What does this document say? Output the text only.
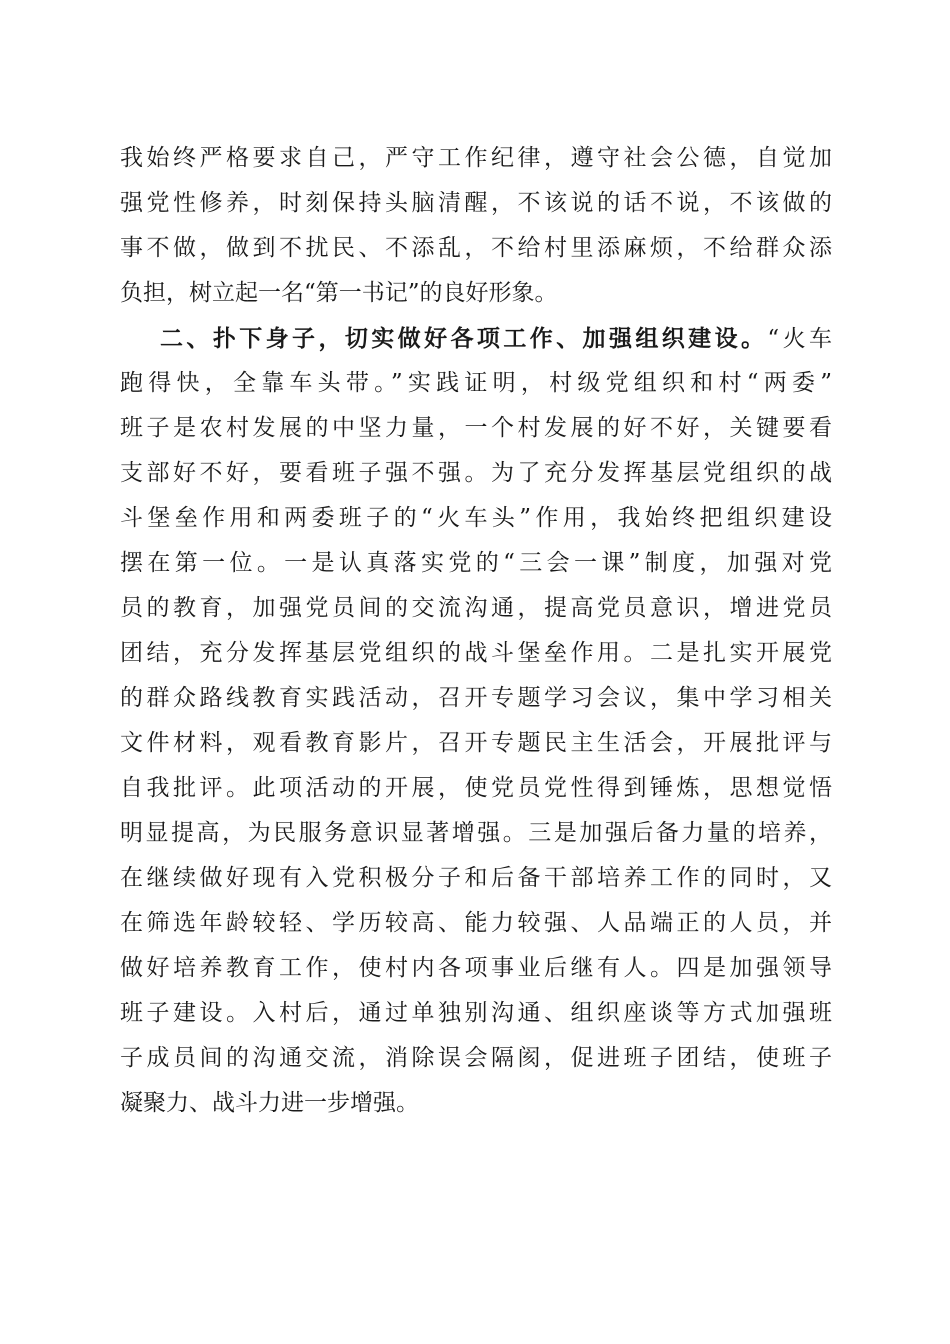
我始终严格要求自己，严守工作纪律，遵守社会公德，自觉加
强党性修养，时刻保持头脑清醒，不该说的话不说，不该做的
事不做，做到不扰民、不添乱，不给村里添麻烦，不给群众添
负担，树立起一名“第一书记”的良好形象。
二、扑下身子，切实做好各项工作、加强组织建设。“火车
跑得快，全靠车头带。”实践证明，村级党组织和村“两委”
班子是农村发展的中坚力量，一个村发展的好不好，关键要看
支部好不好，要看班子强不强。为了充分发挥基层党组织的战
斗堡垒作用和两委班子的“火车头”作用，我始终把组织建设
摆在第一位。一是认真落实党的“三会一课”制度，加强对党
员的教育，加强党员间的交流沟通，提高党员意识，增进党员
团结，充分发挥基层党组织的战斗堡垒作用。二是扎实开展党
的群众路线教育实践活动，召开专题学习会议，集中学习相关
文件材料，观看教育影片，召开专题民主生活会，开展批评与
自我批评。此项活动的开展，使党员党性得到锤炼，思想觉悟
明显提高，为民服务意识显著增强。三是加强后备力量的培养，
在继续做好现有入党积极分子和后备干部培养工作的同时，又
在筛选年龄较轻、学历较高、能力较强、人品端正的人员，并
做好培养教育工作，使村内各项事业后继有人。四是加强领导
班子建设。入村后，通过单独别沟通、组织座谈等方式加强班
子成员间的沟通交流，消除误会隔阂，促进班子团结，使班子
凝聚力、战斗力进一步增强。
